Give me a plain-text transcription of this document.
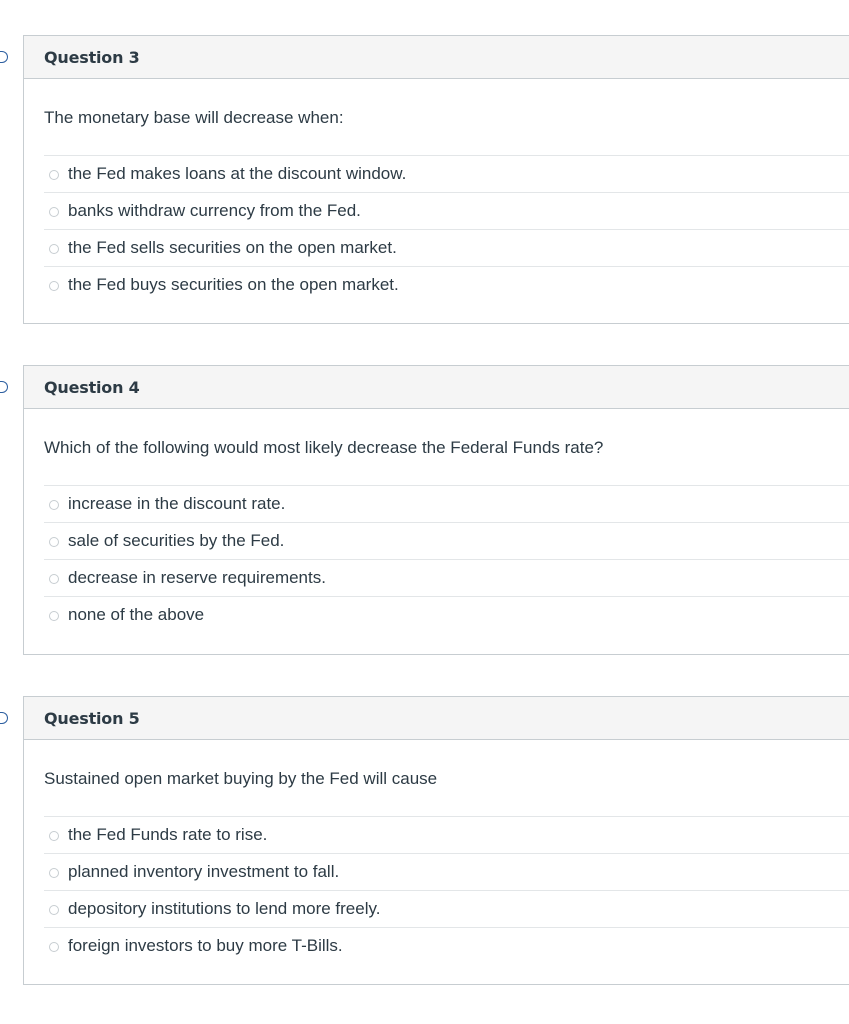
Question 3

The monetary base will decrease when:

the Fed makes loans at the discount window.
banks withdraw currency from the Fed.
the Fed sells securities on the open market.
the Fed buys securities on the open market.
Question 4

Which of the following would most likely decrease the Federal Funds rate?

increase in the discount rate.
sale of securities by the Fed.
decrease in reserve requirements.
none of the above
Question 5

Sustained open market buying by the Fed will cause

the Fed Funds rate to rise.
planned inventory investment to fall.
depository institutions to lend more freely.
foreign investors to buy more T-Bills.
